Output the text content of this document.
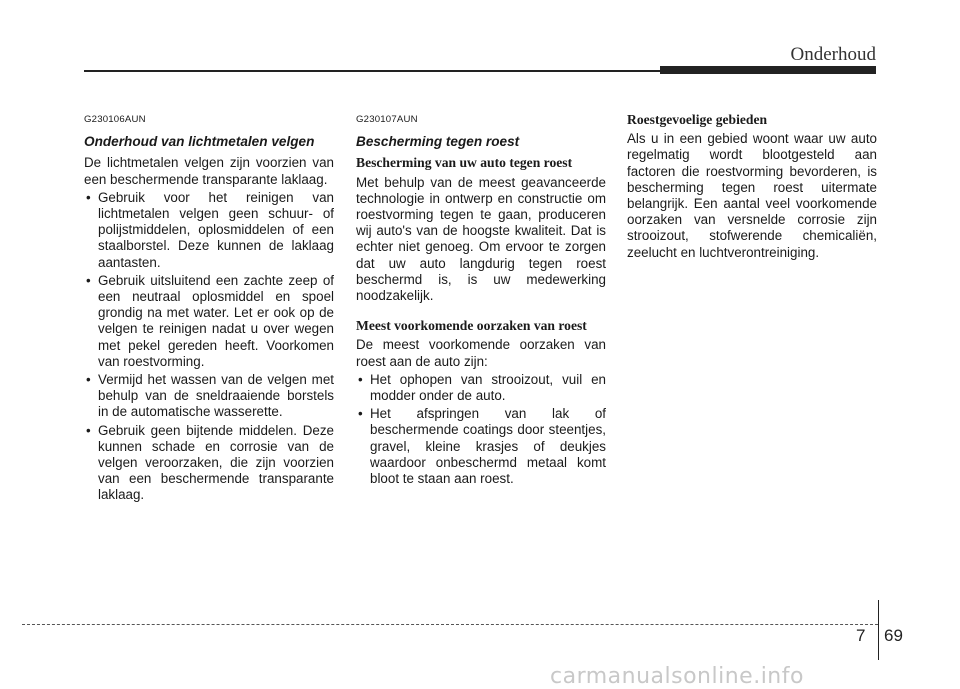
Onderhoud
G230106AUN
Onderhoud van lichtmetalen velgen

De lichtmetalen velgen zijn voorzien van een beschermende transparante laklaag.

• Gebruik voor het reinigen van lichtmetalen velgen geen schuur- of polijstmiddelen, oplosmiddelen of een staalborstel. Deze kunnen de laklaag aantasten.
• Gebruik uitsluitend een zachte zeep of een neutraal oplosmiddel en spoel grondig na met water. Let er ook op de velgen te reinigen nadat u over wegen met pekel gereden heeft. Voorkomen van roestvorming.
• Vermijd het wassen van de velgen met behulp van de sneldraaiende borstels in de automatische wasserette.
• Gebruik geen bijtende middelen. Deze kunnen schade en corrosie van de velgen veroorzaken, die zijn voorzien van een beschermende transparante laklaag.
G230107AUN
Bescherming tegen roest
Bescherming van uw auto tegen roest

Met behulp van de meest geavanceerde technologie in ontwerp en constructie om roestvorming tegen te gaan, produceren wij auto's van de hoogste kwaliteit. Dat is echter niet genoeg. Om ervoor te zorgen dat uw auto langdurig tegen roest beschermd is, is uw medewerking noodzakelijk.

Meest voorkomende oorzaken van roest

De meest voorkomende oorzaken van roest aan de auto zijn:

• Het ophopen van strooizout, vuil en modder onder de auto.
• Het afspringen van lak of beschermende coatings door steentjes, gravel, kleine krasjes of deukjes waardoor onbeschermd metaal komt bloot te staan aan roest.
Roestgevoelige gebieden

Als u in een gebied woont waar uw auto regelmatig wordt blootgesteld aan factoren die roestvorming bevorderen, is bescherming tegen roest uitermate belangrijk. Een aantal veel voorkomende oorzaken van versnelde corrosie zijn strooizout, stofwerende chemicaliën, zeelucht en luchtverontreiniging.

7 69
carmanualsonline.info
